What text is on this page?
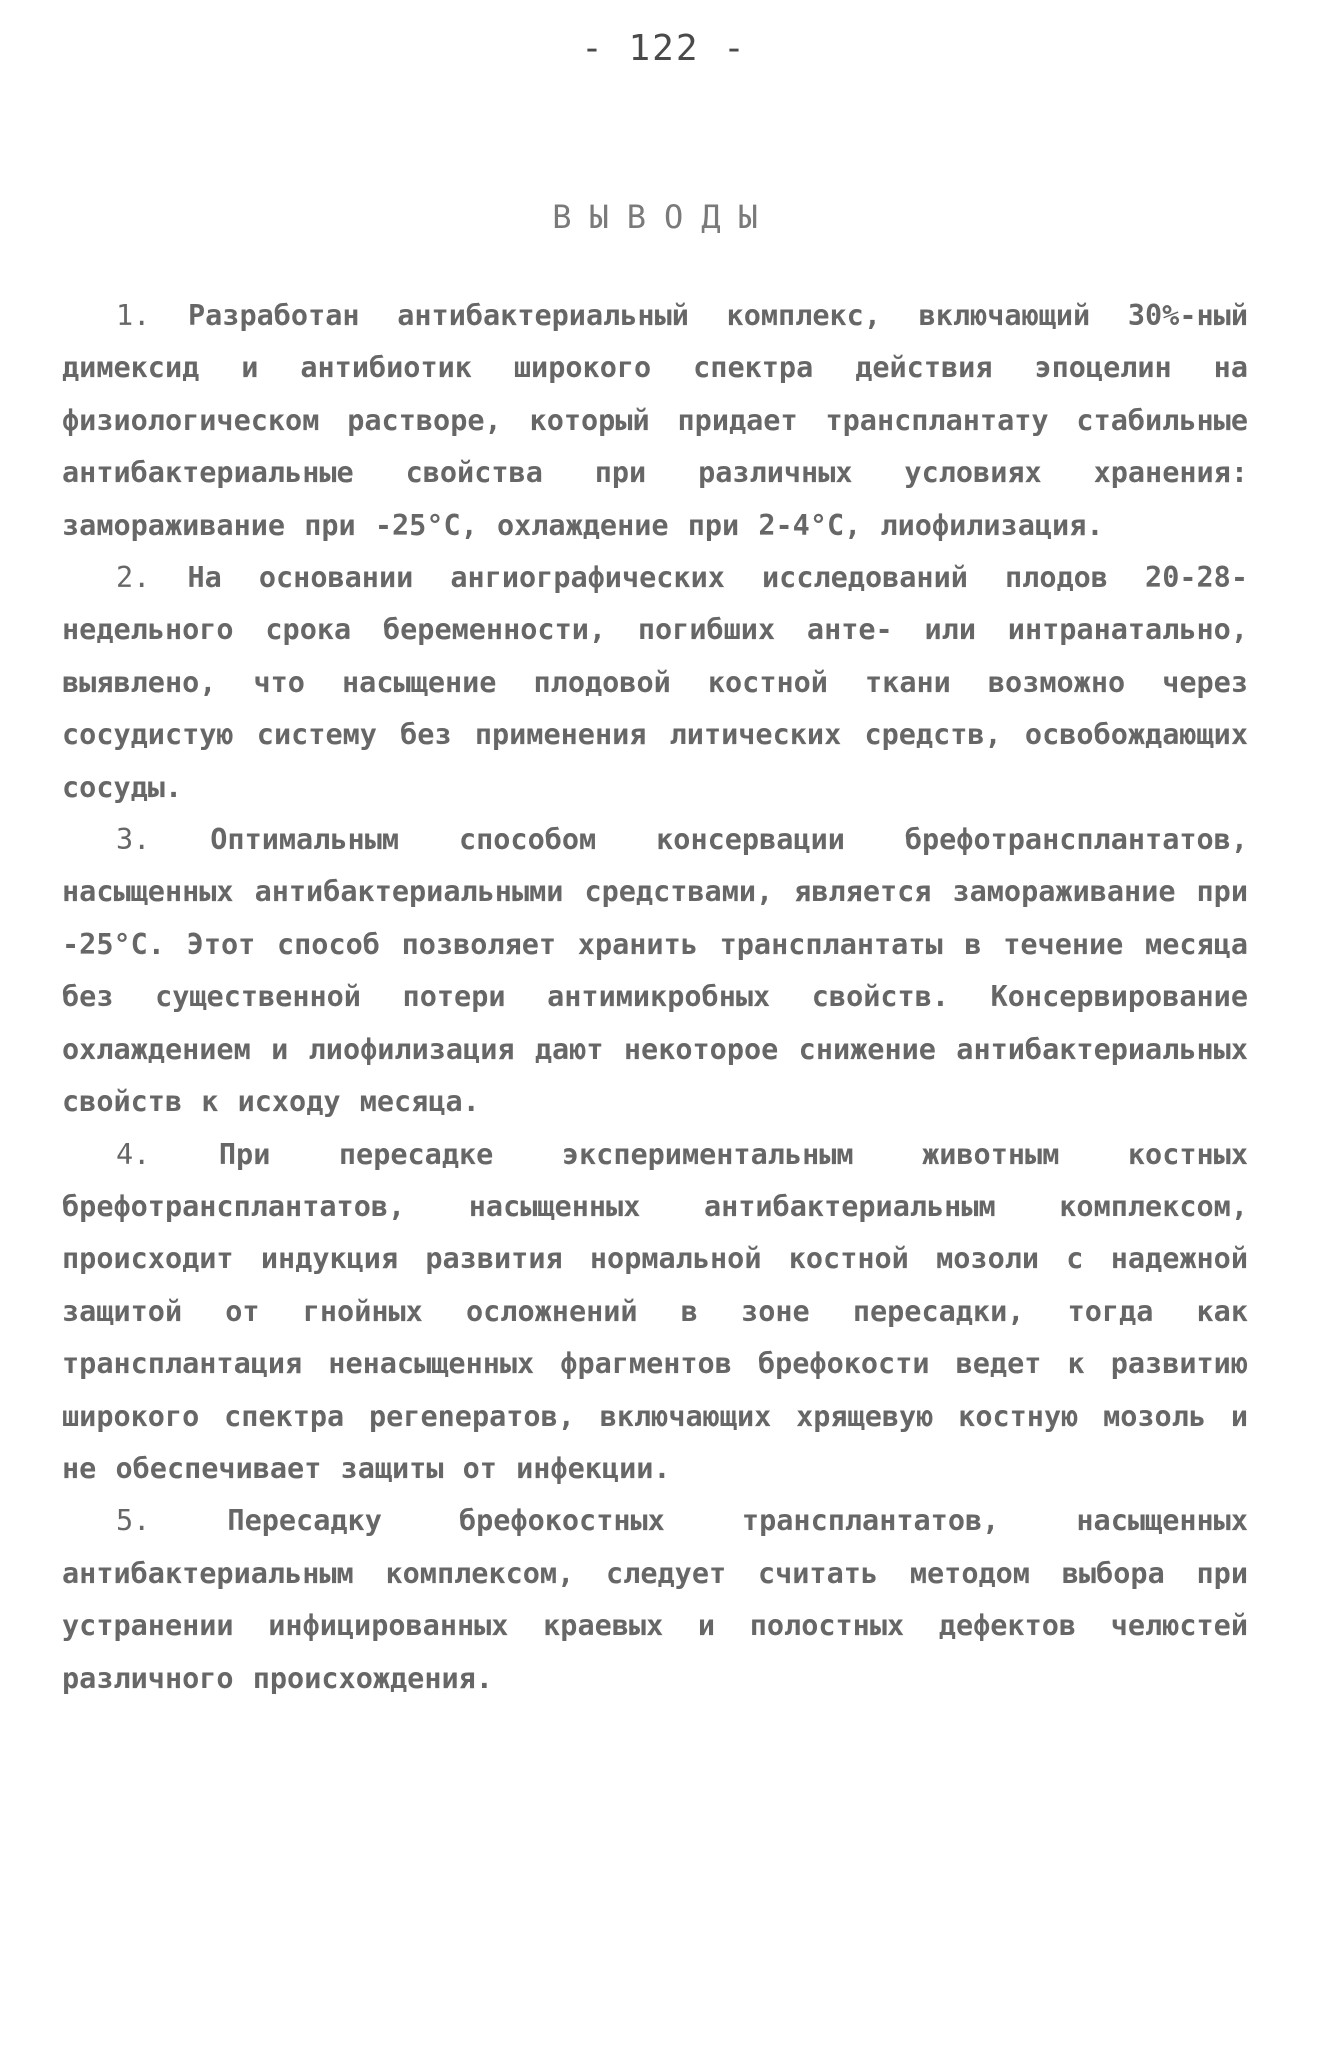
- 122 -
ВЫВОДЫ

1. Разработан антибактериальный комплекс, включающий 30%-ный димексид и антибиотик широкого спектра действия эпоцелин на физиологическом растворе, который придает трансплантату стабильные антибактериальные свойства при различных условиях хранения: замораживание при -25°С, охлаждение при 2-4°С, лиофилизация.

2. На основании ангиографических исследований плодов 20-28-недельного срока беременности, погибших анте- или интранатально, выявлено, что насыщение плодовой костной ткани возможно через сосудистую систему без применения литических средств, освобождающих сосуды.

3. Оптимальным способом консервации брефотрансплантатов, насыщенных антибактериальными средствами, является замораживание при -25°С. Этот способ позволяет хранить трансплантаты в течение месяца без существенной потери антимикробных свойств. Консервирование охлаждением и лиофилизация дают некоторое снижение антибактериальных свойств к исходу месяца.

4. При пересадке экспериментальным животным костных брефотрансплантатов, насыщенных антибактериальным комплексом, происходит индукция развития нормальной костной мозоли с надежной защитой от гнойных осложнений в зоне пересадки, тогда как трансплантация ненасыщенных фрагментов брефокости ведет к развитию широкого спектра регeneратов, включающих хрящевую костную мозоль и не обеспечивает защиты от инфекции.

5.	Пересадку брефокостных трансплантатов, насыщенных антибактериальным комплексом, следует считать методом выбора при устранении инфицированных краевых и полостных дефектов челюстей различного происхождения.
